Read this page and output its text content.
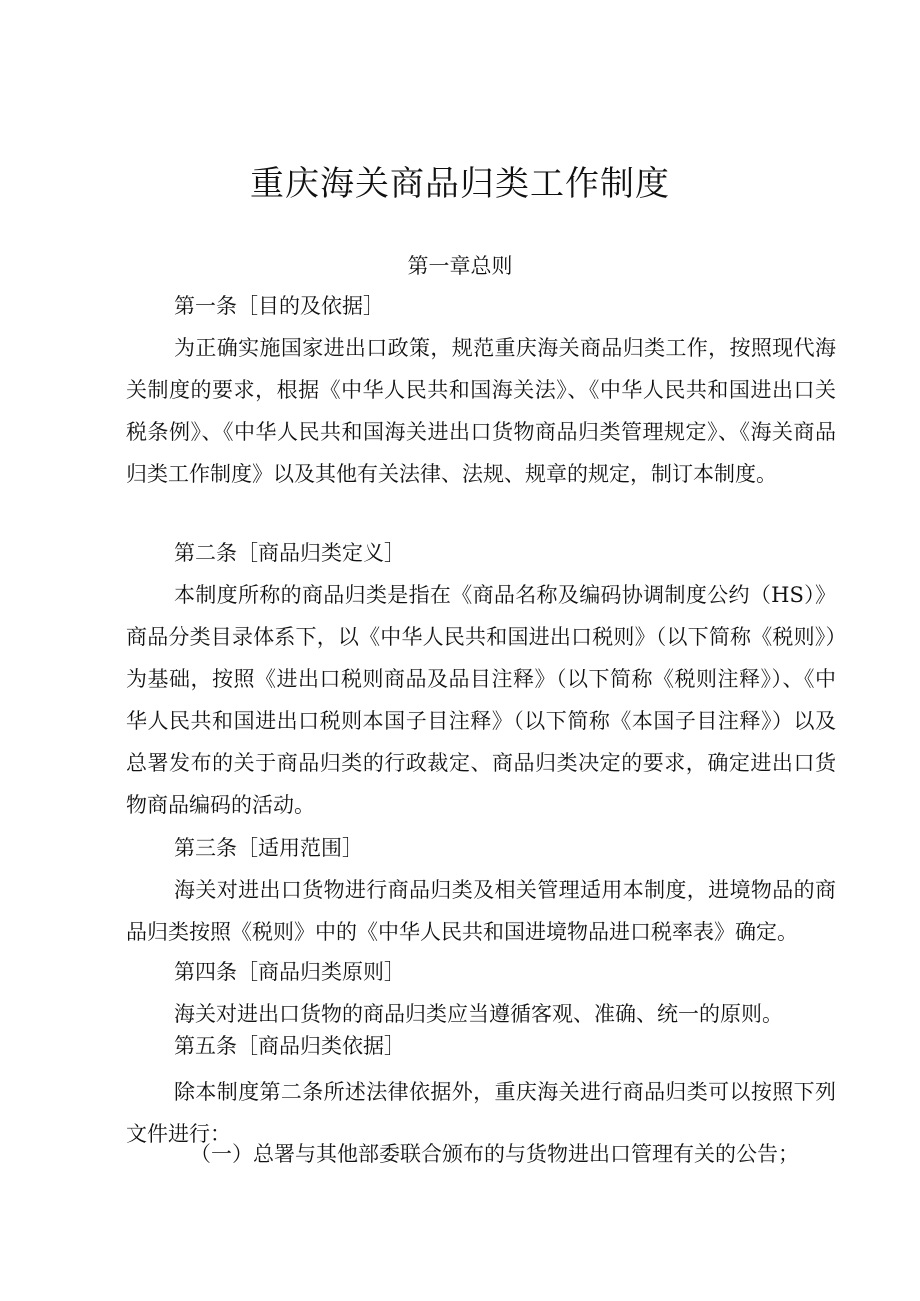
重庆海关商品归类工作制度
第一章总则
第一条［目的及依据］
为正确实施国家进出口政策，规范重庆海关商品归类工作，按照现代海关制度的要求，根据《中华人民共和国海关法》、《中华人民共和国进出口关税条例》、《中华人民共和国海关进出口货物商品归类管理规定》、《海关商品归类工作制度》以及其他有关法律、法规、规章的规定，制订本制度。
第二条［商品归类定义］
本制度所称的商品归类是指在《商品名称及编码协调制度公约（HS）》商品分类目录体系下，以《中华人民共和国进出口税则》（以下简称《税则》）为基础，按照《进出口税则商品及品目注释》（以下简称《税则注释》）、《中华人民共和国进出口税则本国子目注释》（以下简称《本国子目注释》）以及总署发布的关于商品归类的行政裁定、商品归类决定的要求，确定进出口货物商品编码的活动。
第三条［适用范围］
海关对进出口货物进行商品归类及相关管理适用本制度，进境物品的商品归类按照《税则》中的《中华人民共和国进境物品进口税率表》确定。
第四条［商品归类原则］
海关对进出口货物的商品归类应当遵循客观、准确、统一的原则。
第五条［商品归类依据］
除本制度第二条所述法律依据外，重庆海关进行商品归类可以按照下列文件进行：
（一）总署与其他部委联合颁布的与货物进出口管理有关的公告；
